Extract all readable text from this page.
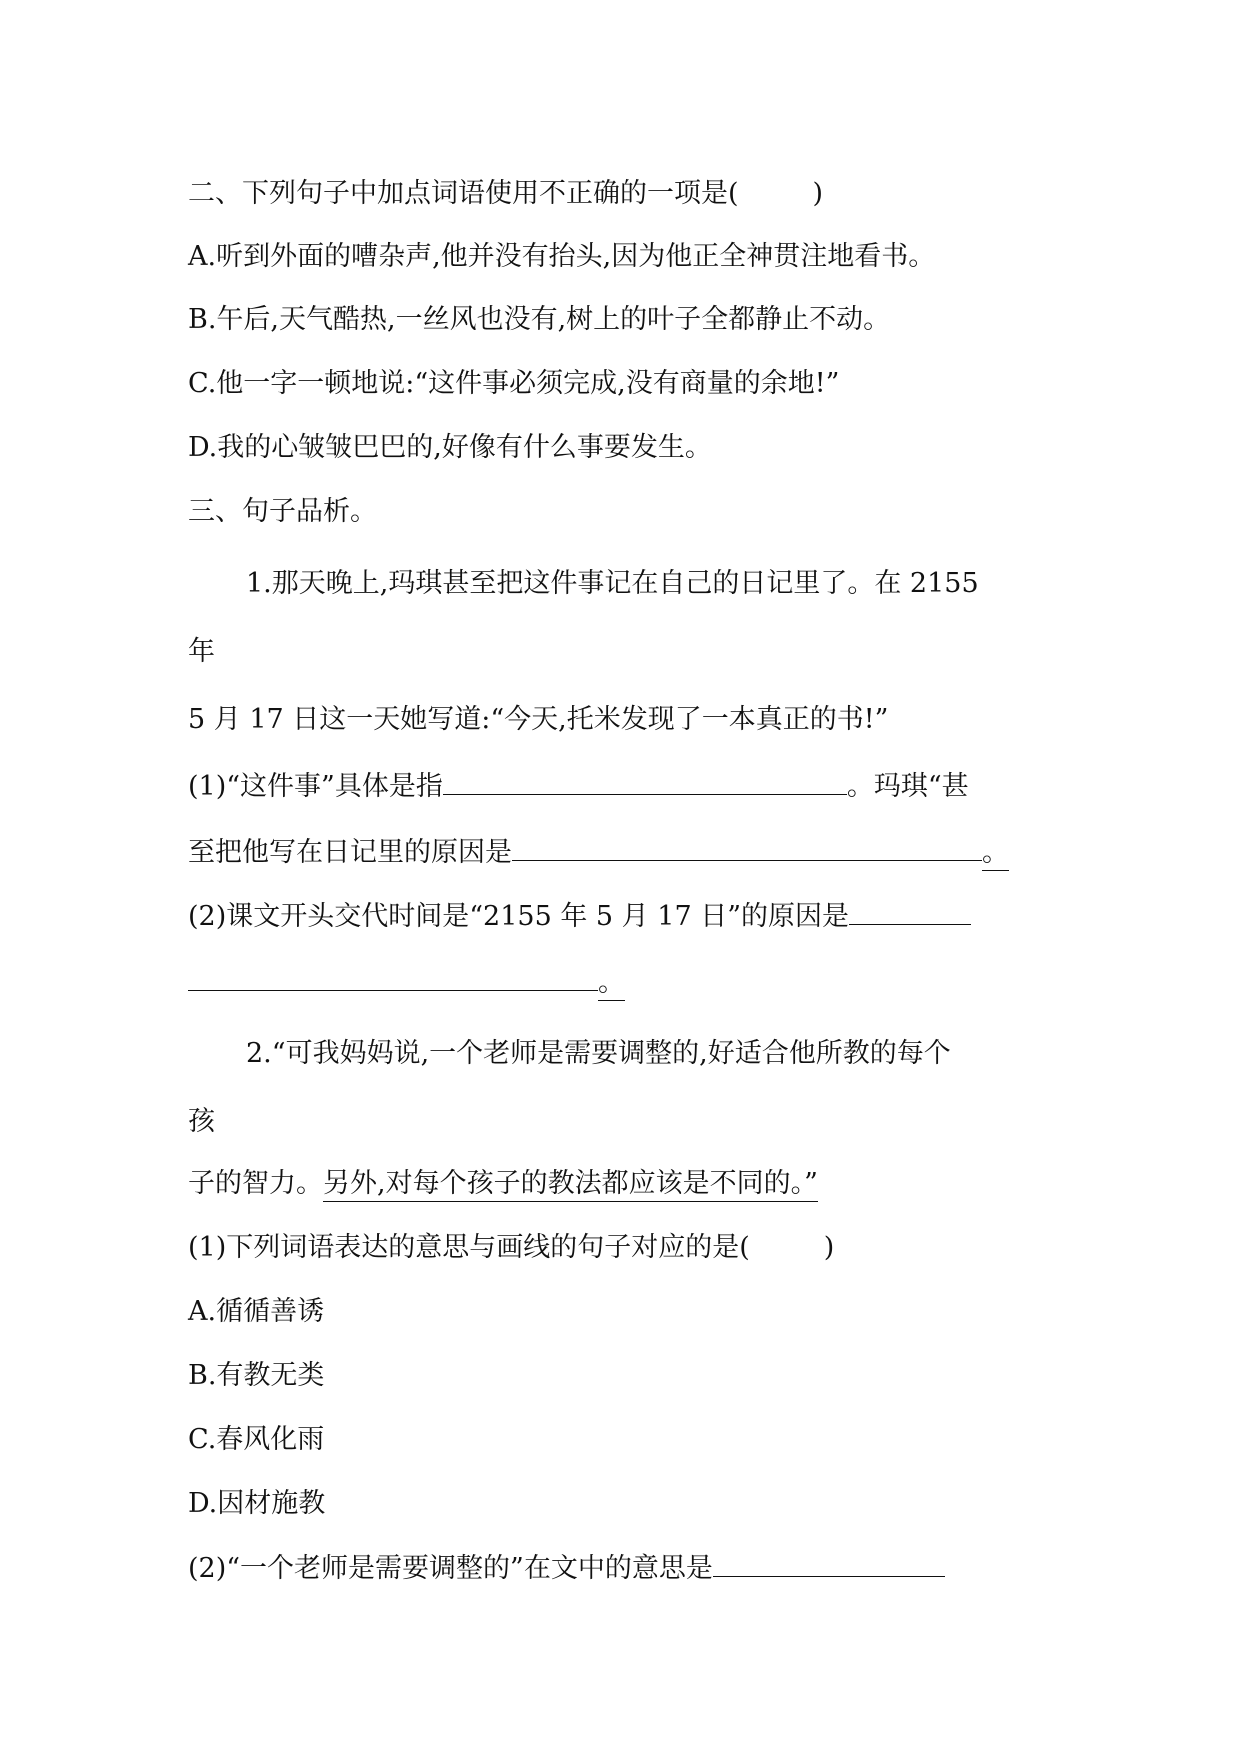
二、下列句子中加点词语使用不正确的一项是(	)
A.听到外面的嘈杂声,他并没有抬头,因为他正全神贯注地看书。
B.午后,天气酷热,一丝风也没有,树上的叶子全都静止不动。
C.他一字一顿地说:“这件事必须完成,没有商量的余地!”
D.我的心皱皱巴巴的,好像有什么事要发生。
三、句子品析。
1.那天晚上,玛琪甚至把这件事记在自己的日记里了。在 2155
年
5 月 17 日这一天她写道:“今天,托米发现了一本真正的书!”
(1)“这件事”具体是指	。玛琪“甚
至把他写在日记里的原因是	。
(2)课文开头交代时间是“2155 年 5 月 17 日”的原因是
。
2.“可我妈妈说,一个老师是需要调整的,好适合他所教的每个
孩
子的智力。另外,对每个孩子的教法都应该是不同的。”
(1)下列词语表达的意思与画线的句子对应的是(	)
A.循循善诱
B.有教无类
C.春风化雨
D.因材施教
(2)“一个老师是需要调整的”在文中的意思是
